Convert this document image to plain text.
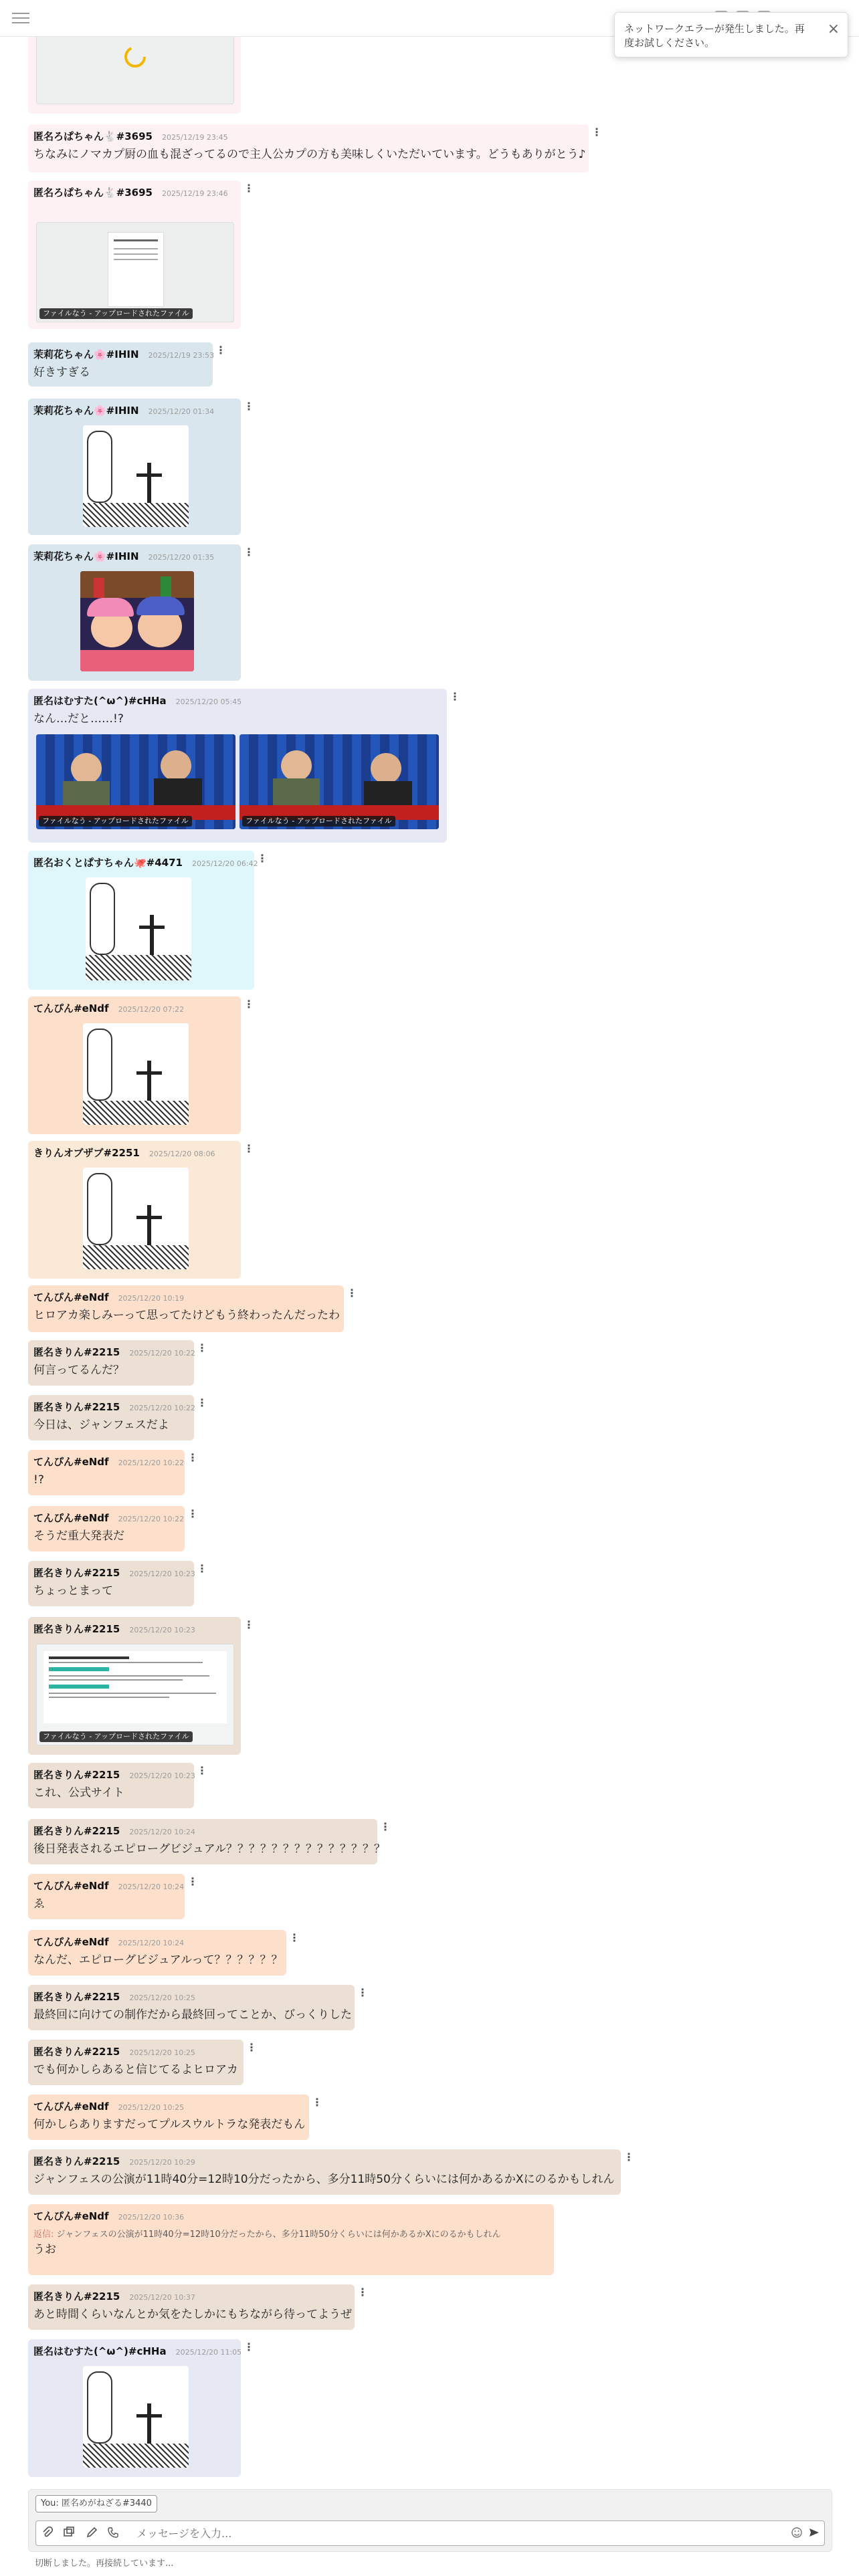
ネットワークエラーが発生しました。再度お試しください。
×
匿名ろぱちゃん🐇#3695 2025/12/19 23:45
ちなみにノマカプ厨の血も混ざってるので主人公カプの方も美味しくいただいています。どうもありがとう♪
⋮
匿名ろぱちゃん🐇#3695 2025/12/19 23:46
ファイルなう - アップロードされたファイル
⋮
茉莉花ちゃん🌸#IHIN 2025/12/19 23:53
好きすぎる
⋮
茉莉花ちゃん🌸#IHIN 2025/12/20 01:34	⋮
茉莉花ちゃん🌸#IHIN 2025/12/20 01:35	⋮
匿名はむすた(^ω^)#cHHa 2025/12/20 05:45
なん…だと……!?
ファイルなう - アップロードされたファイル	ファイルなう - アップロードされたファイル
⋮
匿名おくとぱすちゃん🐙#4471 2025/12/20 06:42
⋮
てんぴん#eNdf 2025/12/20 07:22	⋮
きりんオブザブ#2251 2025/12/20 08:06	⋮
てんぴん#eNdf 2025/12/20 10:19
ヒロアカ楽しみーって思ってたけどもう終わったんだったわ
⋮
匿名きりん#2215 2025/12/20 10:22
何言ってるんだ？
⋮
匿名きりん#2215 2025/12/20 10:22
今日は、ジャンフェスだよ
⋮
てんぴん#eNdf 2025/12/20 10:22
!?
⋮
てんぴん#eNdf 2025/12/20 10:22
そうだ重大発表だ
⋮
匿名きりん#2215 2025/12/20 10:23
ちょっとまって
⋮
匿名きりん#2215 2025/12/20 10:23
ファイルなう - アップロードされたファイル
⋮
匿名きりん#2215 2025/12/20 10:23
これ、公式サイト
⋮
匿名きりん#2215 2025/12/20 10:24
後日発表されるエピローグビジュアル？？？？？？？？？？？？？？
⋮
てんぴん#eNdf 2025/12/20 10:24
ゑ
⋮
てんぴん#eNdf 2025/12/20 10:24
なんだ、エピローグビジュアルって？？？？？？
⋮
匿名きりん#2215 2025/12/20 10:25
最終回に向けての制作だから最終回ってことか、びっくりした
⋮
匿名きりん#2215 2025/12/20 10:25
でも何かしらあると信じてるよヒロアカ
⋮
てんぴん#eNdf 2025/12/20 10:25
何かしらありますだってプルスウルトラな発表だもん
⋮
匿名きりん#2215 2025/12/20 10:29
ジャンフェスの公演が11時40分=12時10分だったから、多分11時50分くらいには何かあるかXにのるかもしれん
⋮
てんぴん#eNdf 2025/12/20 10:36
返信: ジャンフェスの公演が11時40分=12時10分だったから、多分11時50分くらいには何かあるかXにのるかもしれん
うお
匿名きりん#2215 2025/12/20 10:37
あと時間くらいなんとか気をたしかにもちながら待ってようぜ
⋮
匿名はむすた(^ω^)#cHHa 2025/12/20 11:05 ⋮
You: 匿名めがねざる#3440
メッセージを入力...
切断しました。再接続しています...
